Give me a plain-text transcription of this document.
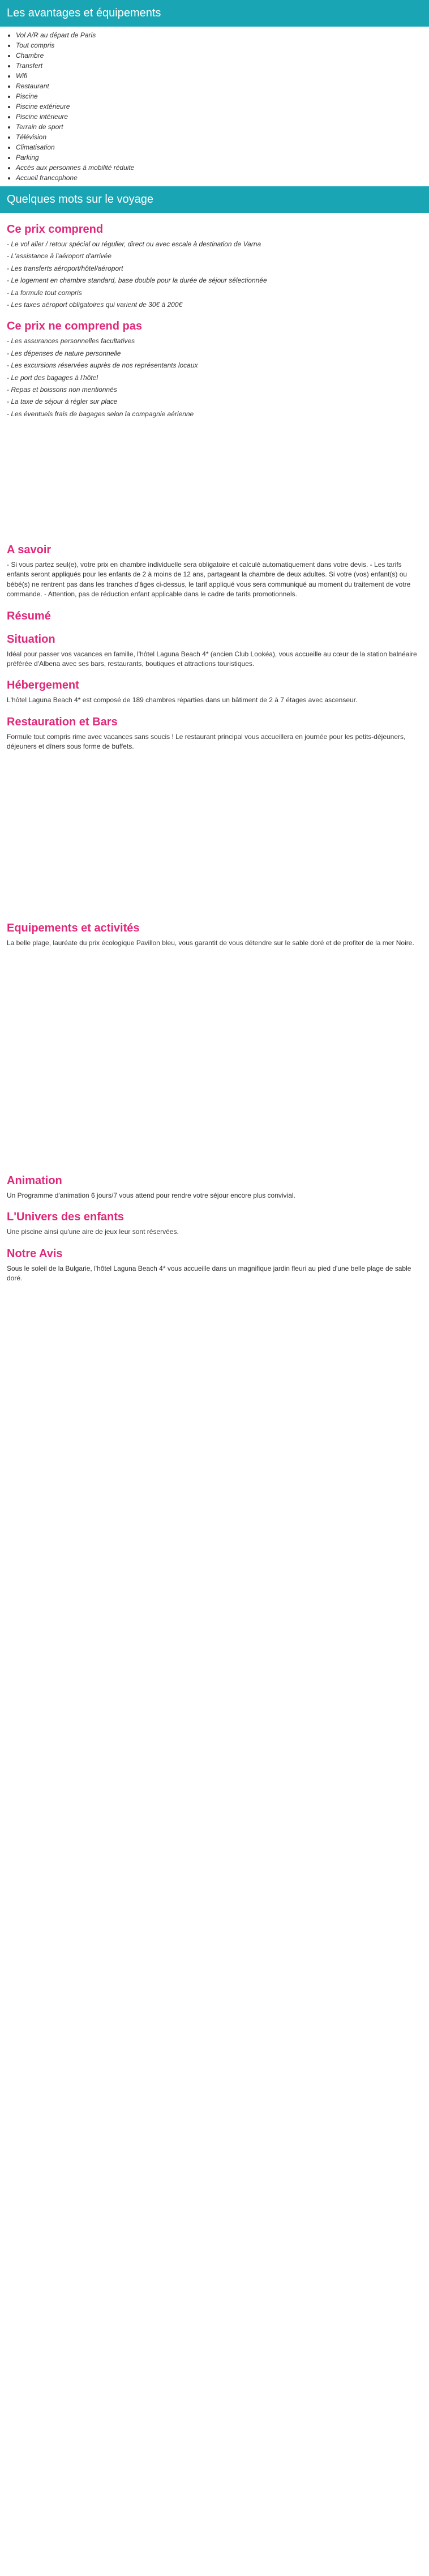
Les avantages et équipements
• Vol A/R au départ de Paris
• Tout compris
• Chambre
• Transfert
• Wifi
• Restaurant
• Piscine
• Piscine extérieure
• Piscine intérieure
• Terrain de sport
• Télévision
• Climatisation
• Parking
• Accès aux personnes à mobilité réduite
• Accueil francophone
Quelques mots sur le voyage
Ce prix comprend

- Le vol aller / retour spécial ou régulier, direct ou avec escale à destination de Varna

- L'assistance à l'aéroport d'arrivée

- Les transferts aéroport/hôtel/aéroport

- Le logement en chambre standard, base double pour la durée de séjour sélectionnée

- La formule tout compris

- Les taxes aéroport obligatoires qui varient de 30€ à 200€

Ce prix ne comprend pas

- Les assurances personnelles facultatives

- Les dépenses de nature personnelle

- Les excursions réservées auprès de nos représentants locaux

- Le port des bagages à l'hôtel

- Repas et boissons non mentionnés

- La taxe de séjour à régler sur place

- Les éventuels frais de bagages selon la compagnie aérienne

A savoir

- Si vous partez seul(e), votre prix en chambre individuelle sera obligatoire et calculé automatiquement dans votre devis. - Les tarifs enfants seront appliqués pour les enfants de 2 à moins de 12 ans, partageant la chambre de deux adultes. Si votre (vos) enfant(s) ou bébé(s) ne rentrent pas dans les tranches d'âges ci-dessus, le tarif appliqué vous sera communiqué au moment du traitement de votre commande. - Attention, pas de réduction enfant applicable dans le cadre de tarifs promotionnels.

Résumé
Situation

Idéal pour passer vos vacances en famille, l'hôtel Laguna Beach 4* (ancien Club Lookéa), vous accueille au cœur de la station balnéaire préférée d'Albena avec ses bars, restaurants, boutiques et attractions touristiques.

Hébergement

L'hôtel Laguna Beach 4* est composé de 189 chambres réparties dans un bâtiment de 2 à 7 étages avec ascenseur.

Restauration et Bars

Formule tout compris rime avec vacances sans soucis ! Le restaurant principal vous accueillera en journée pour les petits-déjeuners, déjeuners et dîners sous forme de buffets.

Equipements et activités

La belle plage, lauréate du prix écologique Pavillon bleu, vous garantit de vous détendre sur le sable doré et de profiter de la mer Noire.

Animation

Un Programme d'animation 6 jours/7 vous attend pour rendre votre séjour encore plus convivial.

L'Univers des enfants

Une piscine ainsi qu'une aire de jeux leur sont réservées.

Notre Avis

Sous le soleil de la Bulgarie, l'hôtel Laguna Beach 4* vous accueille dans un magnifique jardin fleuri au pied d'une belle plage de sable doré.
